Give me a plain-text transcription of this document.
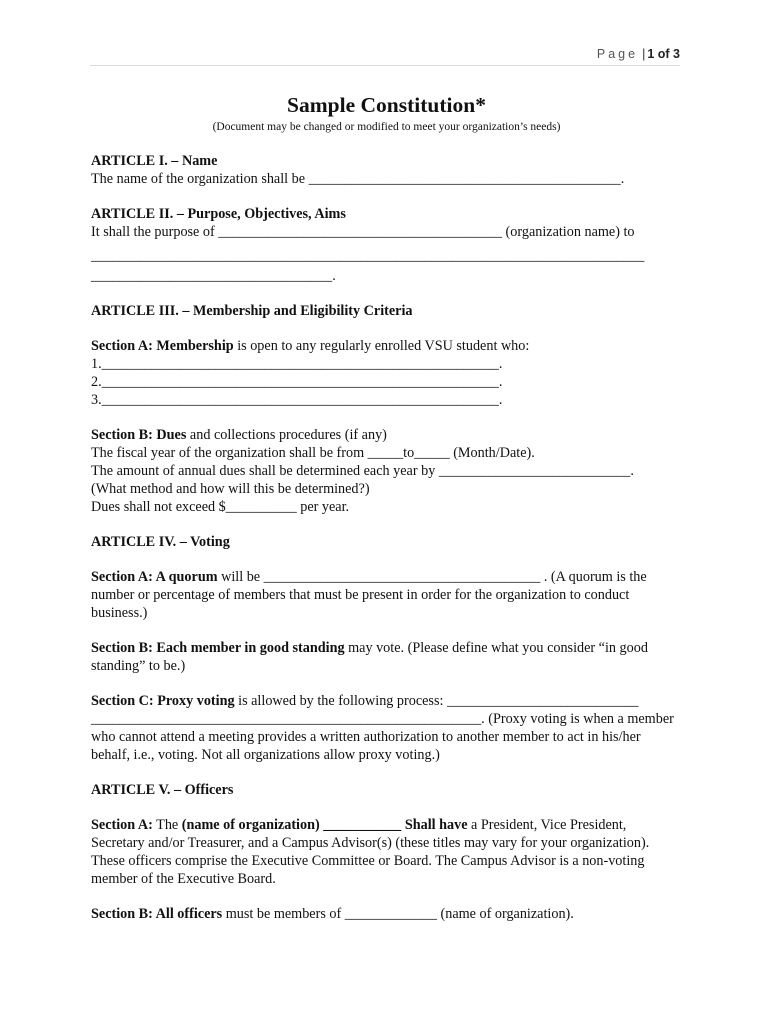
Page | 1 of 3

Sample Constitution*

(Document may be changed or modified to meet your organization’s needs)

ARTICLE I. – Name

The name of the organization shall be ____________________________________________.

ARTICLE II. – Purpose, Objectives, Aims

It shall the purpose of ________________________________________ (organization name) to

______________________________________________________________________________

__________________________________.

ARTICLE III. – Membership and Eligibility Criteria

Section A: Membership is open to any regularly enrolled VSU student who:

1.________________________________________________________.

2.________________________________________________________.

3.________________________________________________________.

Section B: Dues and collections procedures (if any)

The fiscal year of the organization shall be from _____to_____ (Month/Date).

The amount of annual dues shall be determined each year by ___________________________.

(What method and how will this be determined?)

Dues shall not exceed $__________ per year.

ARTICLE IV. – Voting

Section A: A quorum will be _______________________________________ . (A quorum is the number or percentage of members that must be present in order for the organization to conduct business.)

Section B: Each member in good standing may vote. (Please define what you consider “in good standing” to be.)

Section C: Proxy voting is allowed by the following process: ___________________________ _______________________________________________________. (Proxy voting is when a member who cannot attend a meeting provides a written authorization to another member to act in his/her behalf, i.e., voting. Not all organizations allow proxy voting.)

ARTICLE V. – Officers

Section A: The (name of organization) ___________ Shall have a President, Vice President, Secretary and/or Treasurer, and a Campus Advisor(s) (these titles may vary for your organization). These officers comprise the Executive Committee or Board. The Campus Advisor is a non-voting member of the Executive Board.

Section B: All officers must be members of _____________ (name of organization).
